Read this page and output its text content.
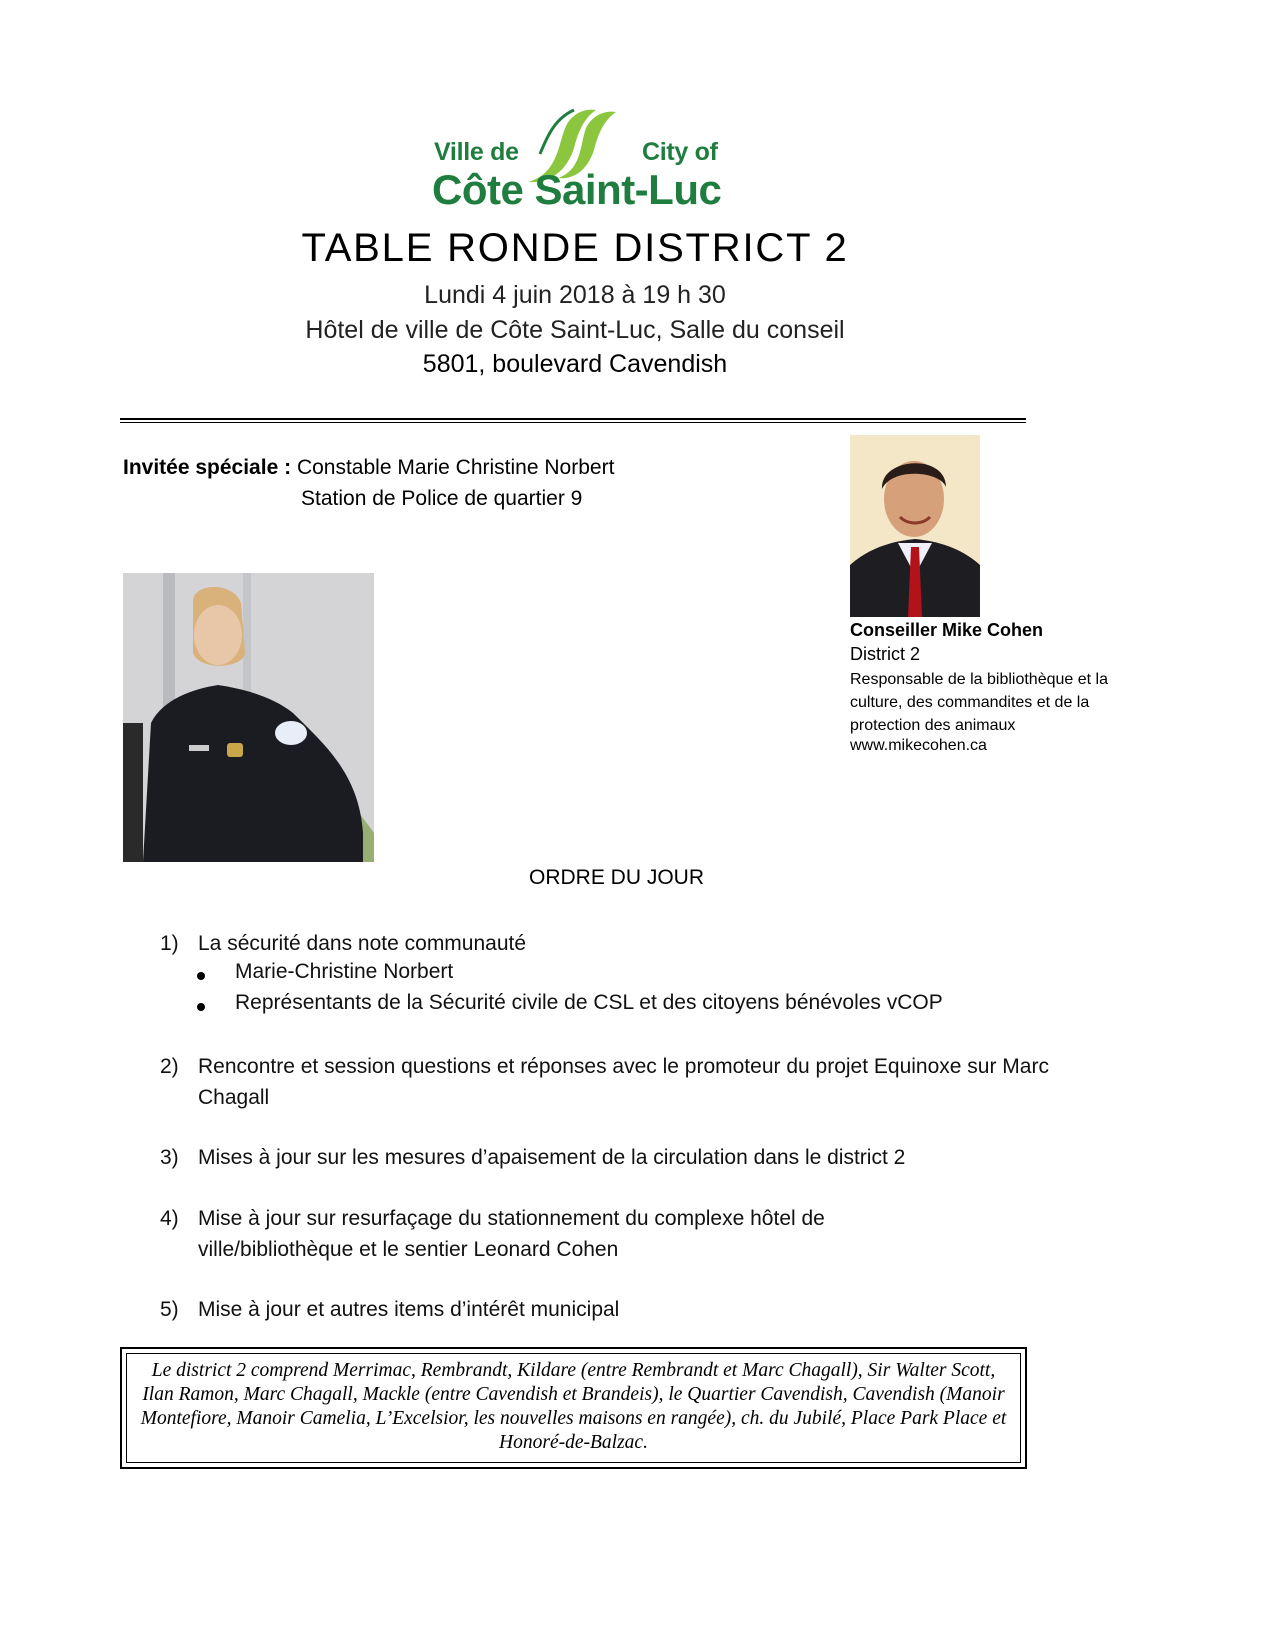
Ville de	City of
Côte Saint-Luc
TABLE RONDE DISTRICT 2
Lundi 4 juin 2018 à 19 h 30
Hôtel de ville de Côte Saint-Luc, Salle du conseil
5801, boulevard Cavendish
Invitée spéciale : Constable Marie Christine Norbert
Station de Police de quartier 9
Conseiller Mike Cohen
District 2
Responsable de la bibliothèque et la culture, des commandites et de la protection des animaux
www.mikecohen.ca
ORDRE DU JOUR
1) La sécurité dans note communauté
Marie-Christine Norbert
Représentants de la Sécurité civile de CSL et des citoyens bénévoles vCOP
2) Rencontre et session questions et réponses avec le promoteur du projet Equinoxe sur Marc Chagall
3) Mises à jour sur les mesures d’apaisement de la circulation dans le district 2
4) Mise à jour sur resurfaçage du stationnement du complexe hôtel de ville/bibliothèque et le sentier Leonard Cohen
5) Mise à jour et autres items d’intérêt municipal
Le district 2 comprend Merrimac, Rembrandt, Kildare (entre Rembrandt et Marc Chagall), Sir Walter Scott, Ilan Ramon, Marc Chagall, Mackle (entre Cavendish et Brandeis), le Quartier Cavendish, Cavendish (Manoir Montefiore, Manoir Camelia, L’Excelsior, les nouvelles maisons en rangée), ch. du Jubilé, Place Park Place et Honoré-de-Balzac.
